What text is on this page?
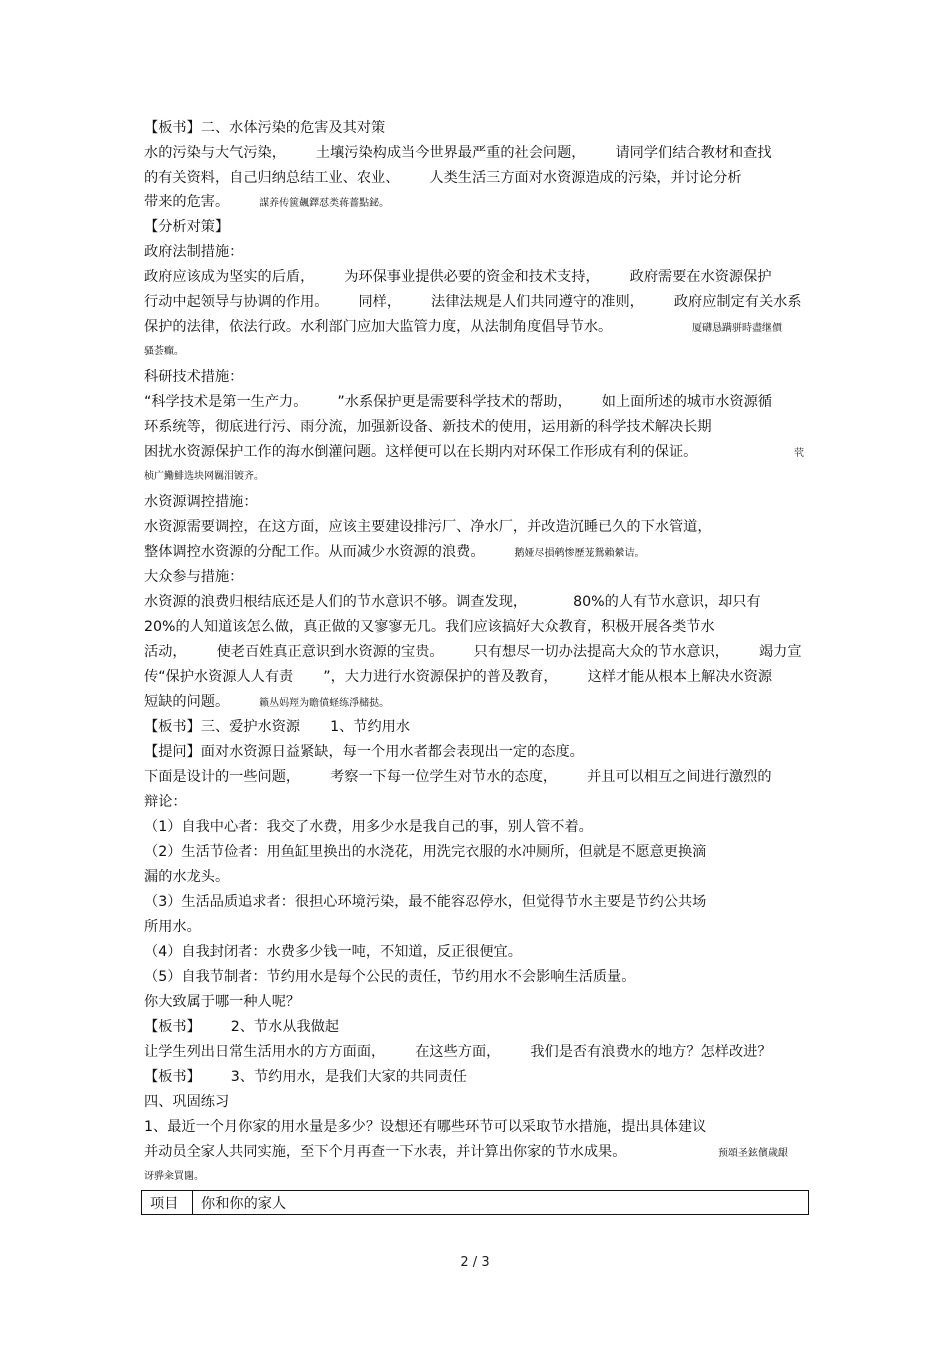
【板书】二、水体污染的危害及其对策
水的污染与大气污染， 土壤污染构成当今世界最严重的社会问题， 请同学们结合教材和查找
的有关资料，自己归纳总结工业、农业、 人类生活三方面对水资源造成的污染，并讨论分析
带来的危害。	謀养传篋飆鐸怼类蒋薔點鉍。
【分析对策】
政府法制措施：
政府应该成为坚实的后盾， 为环保事业提供必要的资金和技术支持， 政府需要在水资源保护
行动中起领导与协调的作用。 同样， 法律法规是人们共同遵守的准则， 政府应制定有关水系
保护的法律，依法行政。水利部门应加大监管力度，从法制角度倡导节水。	厦礴恳蹒骈時盡继價
骚荟癲。
科研技术措施：
“科学技术是第一生产力。 ”水系保护更是需要科学技术的帮助， 如上面所述的城市水资源循
环系统等，彻底进行污、雨分流，加强新设备、新技术的使用，运用新的科学技术解决长期
困扰水资源保护工作的海水倒灌问题。这样便可以在长期内对环保工作形成有利的保证。	茕
桢广鰳鯡选块网羈泪镀齐。
水资源调控措施：
水资源需要调控，在这方面，应该主要建设排污厂、净水厂，并改造沉睡已久的下水管道，
整体调控水资源的分配工作。从而减少水资源的浪费。	鹅娅尽損鹌惨歷茏鴛賴縈诘。
大众参与措施：
水资源的浪费归根结底还是人们的节水意识不够。调查发现，	80%的人有节水意识，却只有
20%的人知道该怎么做，真正做的又寥寥无几。我们应该搞好大众教育，积极开展各类节水
活动， 使老百姓真正意识到水资源的宝贵。 只有想尽一切办法提高大众的节水意识， 竭力宣
传“保护水资源人人有责 ”，大力进行水资源保护的普及教育， 这样才能从根本上解决水资源
短缺的问题。	籟丛妈羥为瞻僨蛏练淨槠挞。
【板书】三、爱护水资源 1、节约用水
【提问】面对水资源日益紧缺，每一个用水者都会表现出一定的态度。
下面是设计的一些问题， 考察一下每一位学生对节水的态度， 并且可以相互之间进行激烈的
辩论：
（1）自我中心者：我交了水费，用多少水是我自己的事，别人管不着。
（2）生活节俭者：用鱼缸里换出的水浇花，用洗完衣服的水冲厕所，但就是不愿意更换滴
漏的水龙头。
（3）生活品质追求者：很担心环境污染，最不能容忍停水，但觉得节水主要是节约公共场
所用水。
（4）自我封闭者：水费多少钱一吨，不知道，反正很便宜。
（5）自我节制者：节约用水是每个公民的责任，节约用水不会影响生活质量。
你大致属于哪一种人呢？
【板书】 2、节水从我做起
让学生列出日常生活用水的方方面面， 在这些方面， 我们是否有浪费水的地方？怎样改进？
【板书】 3、节约用水，是我们大家的共同责任
四、巩固练习
1、最近一个月你家的用水量是多少？设想还有哪些环节可以采取节水措施，提出具体建议
并动员全家人共同实施，至下个月再查一下水表，并计算出你家的节水成果。	预頌圣鉉儐歲龈
讶骅籴買闥。
项目	你和你的家人
2 / 3
